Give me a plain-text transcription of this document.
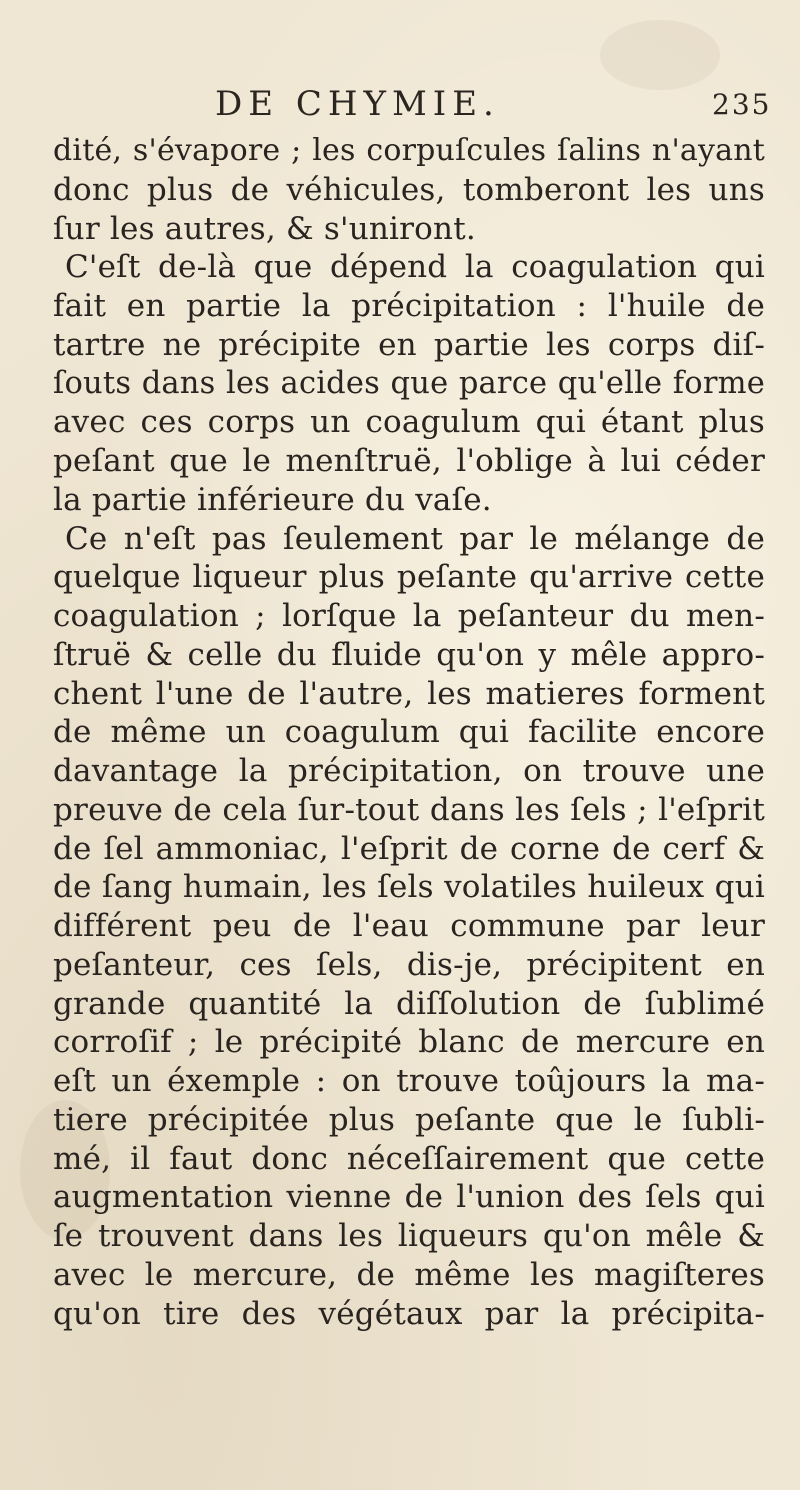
DE CHYMIE.	235
dité, s'évapore ; les corpuſcules ſalins n'ayant
donc plus de véhicules, tomberont les uns
ſur les autres, & s'uniront.
C'eſt de-là que dépend la coagulation qui
fait en partie la précipitation : l'huile de
tartre ne précipite en partie les corps diſ-
ſouts dans les acides que parce qu'elle forme
avec ces corps un coagulum qui étant plus
peſant que le menſtruë, l'oblige à lui céder
la partie inférieure du vaſe.
Ce n'eſt pas ſeulement par le mélange de
quelque liqueur plus peſante qu'arrive cette
coagulation ; lorſque la peſanteur du men-
ſtruë & celle du fluide qu'on y mêle appro-
chent l'une de l'autre, les matieres forment
de même un coagulum qui facilite encore
davantage la précipitation, on trouve une
preuve de cela ſur-tout dans les ſels ; l'eſprit
de ſel ammoniac, l'eſprit de corne de cerf &
de ſang humain, les ſels volatiles huileux qui
différent peu de l'eau commune par leur
peſanteur, ces ſels, dis-je, précipitent en
grande quantité la diſſolution de ſublimé
corroſif ; le précipité blanc de mercure en
eſt un éxemple : on trouve toûjours la ma-
tiere précipitée plus peſante que le ſubli-
mé, il faut donc néceſſairement que cette
augmentation vienne de l'union des ſels qui
ſe trouvent dans les liqueurs qu'on mêle &
avec le mercure, de même les magiſteres
qu'on tire des végétaux par la précipita-
